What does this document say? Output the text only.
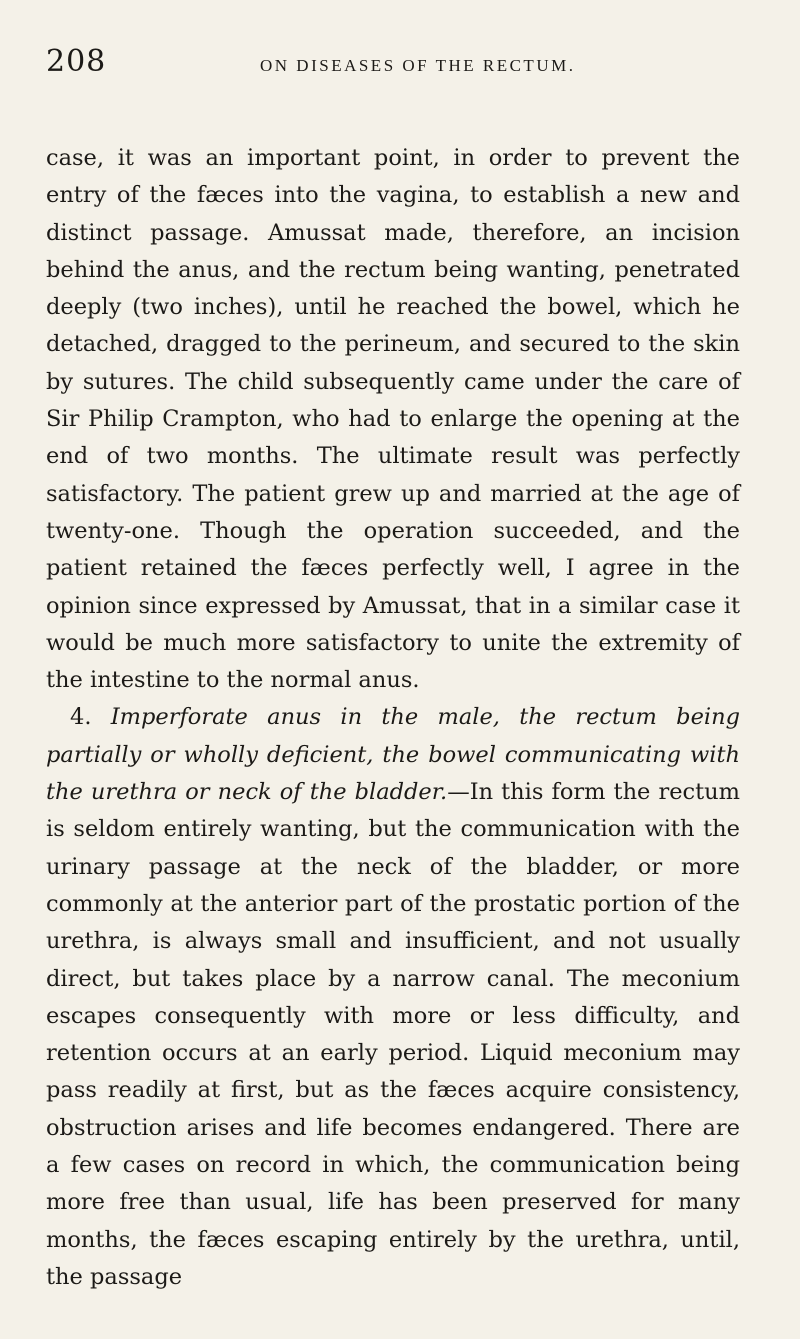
208	ON DISEASES OF THE RECTUM.

case, it was an important point, in order to prevent the entry of the fæces into the vagina, to establish a new and distinct passage. Amussat made, therefore, an incision behind the anus, and the rectum being wanting, penetrated deeply (two inches), until he reached the bowel, which he detached, dragged to the perineum, and secured to the skin by sutures. The child subsequently came under the care of Sir Philip Crampton, who had to enlarge the opening at the end of two months. The ultimate result was perfectly satisfactory. The patient grew up and married at the age of twenty-one. Though the operation succeeded, and the patient retained the fæces perfectly well, I agree in the opinion since expressed by Amussat, that in a similar case it would be much more satisfactory to unite the extremity of the intestine to the normal anus.

4. Imperforate anus in the male, the rectum being partially or wholly deficient, the bowel communicating with the urethra or neck of the bladder.—In this form the rectum is seldom entirely wanting, but the communication with the urinary passage at the neck of the bladder, or more commonly at the anterior part of the prostatic portion of the urethra, is always small and insufficient, and not usually direct, but takes place by a narrow canal. The meconium escapes consequently with more or less difficulty, and retention occurs at an early period. Liquid meconium may pass readily at first, but as the fæces acquire consistency, obstruction arises and life becomes endangered. There are a few cases on record in which, the communication being more free than usual, life has been preserved for many months, the fæces escaping entirely by the urethra, until, the passage
